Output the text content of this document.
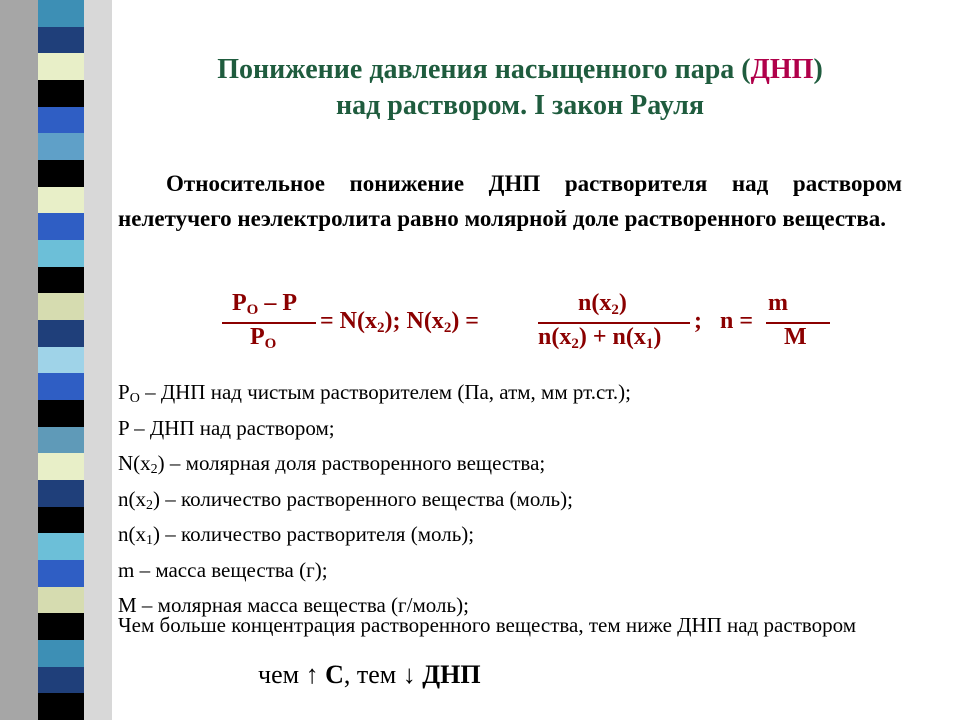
Понижение давления насыщенного пара (ДНП)
над раствором. I закон Рауля
Относительное понижение ДНП растворителя над раствором нелетучего неэлектролита равно молярной доле растворенного вещества.
$P_O$ – P
$P_O$
= $N(x_2)$; $N(x_2)$ =
$n(x_2)$
$n(x_2) + n(x_1)$
; n =
m
M
PO – ДНП над чистым растворителем (Па, атм, мм рт.ст.);
P – ДНП над раствором;
N(x2) – молярная доля растворенного вещества;
n(x2) – количество растворенного вещества (моль);
n(x1) – количество растворителя (моль);
m – масса вещества (г);
M – молярная масса вещества (г/моль);
Чем больше концентрация растворенного вещества, тем ниже ДНП над раствором
чем ↑ C, тем ↓ ДНП
